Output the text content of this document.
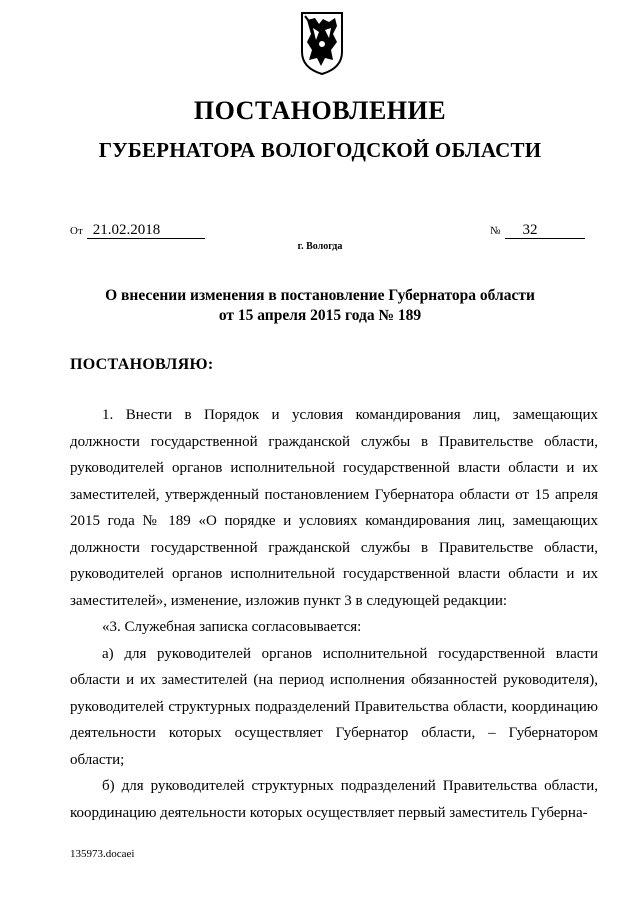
ПОСТАНОВЛЕНИЕ
ГУБЕРНАТОРА ВОЛОГОДСКОЙ ОБЛАСТИ
От 21.02.2018	№ 32
г. Вологда
О внесении изменения в постановление Губернатора области
от 15 апреля 2015 года № 189
ПОСТАНОВЛЯЮ:

1. Внести в Порядок и условия командирования лиц, замещающих должности государственной гражданской службы в Правительстве области, руководителей органов исполнительной государственной власти области и их заместителей, утвержденный постановлением Губернатора области от 15 апреля 2015 года № 189 «О порядке и условиях командирования лиц, замещающих должности государственной гражданской службы в Правительстве области, руководителей органов исполнительной государственной власти области и их заместителей», изменение, изложив пункт 3 в следующей редакции:

«3. Служебная записка согласовывается:

а) для руководителей органов исполнительной государственной власти области и их заместителей (на период исполнения обязанностей руководителя), руководителей структурных подразделений Правительства области, координацию деятельности которых осуществляет Губернатор области, – Губернатором области;

б) для руководителей структурных подразделений Правительства области, координацию деятельности которых осуществляет первый заместитель Губерна-

135973.docaei
